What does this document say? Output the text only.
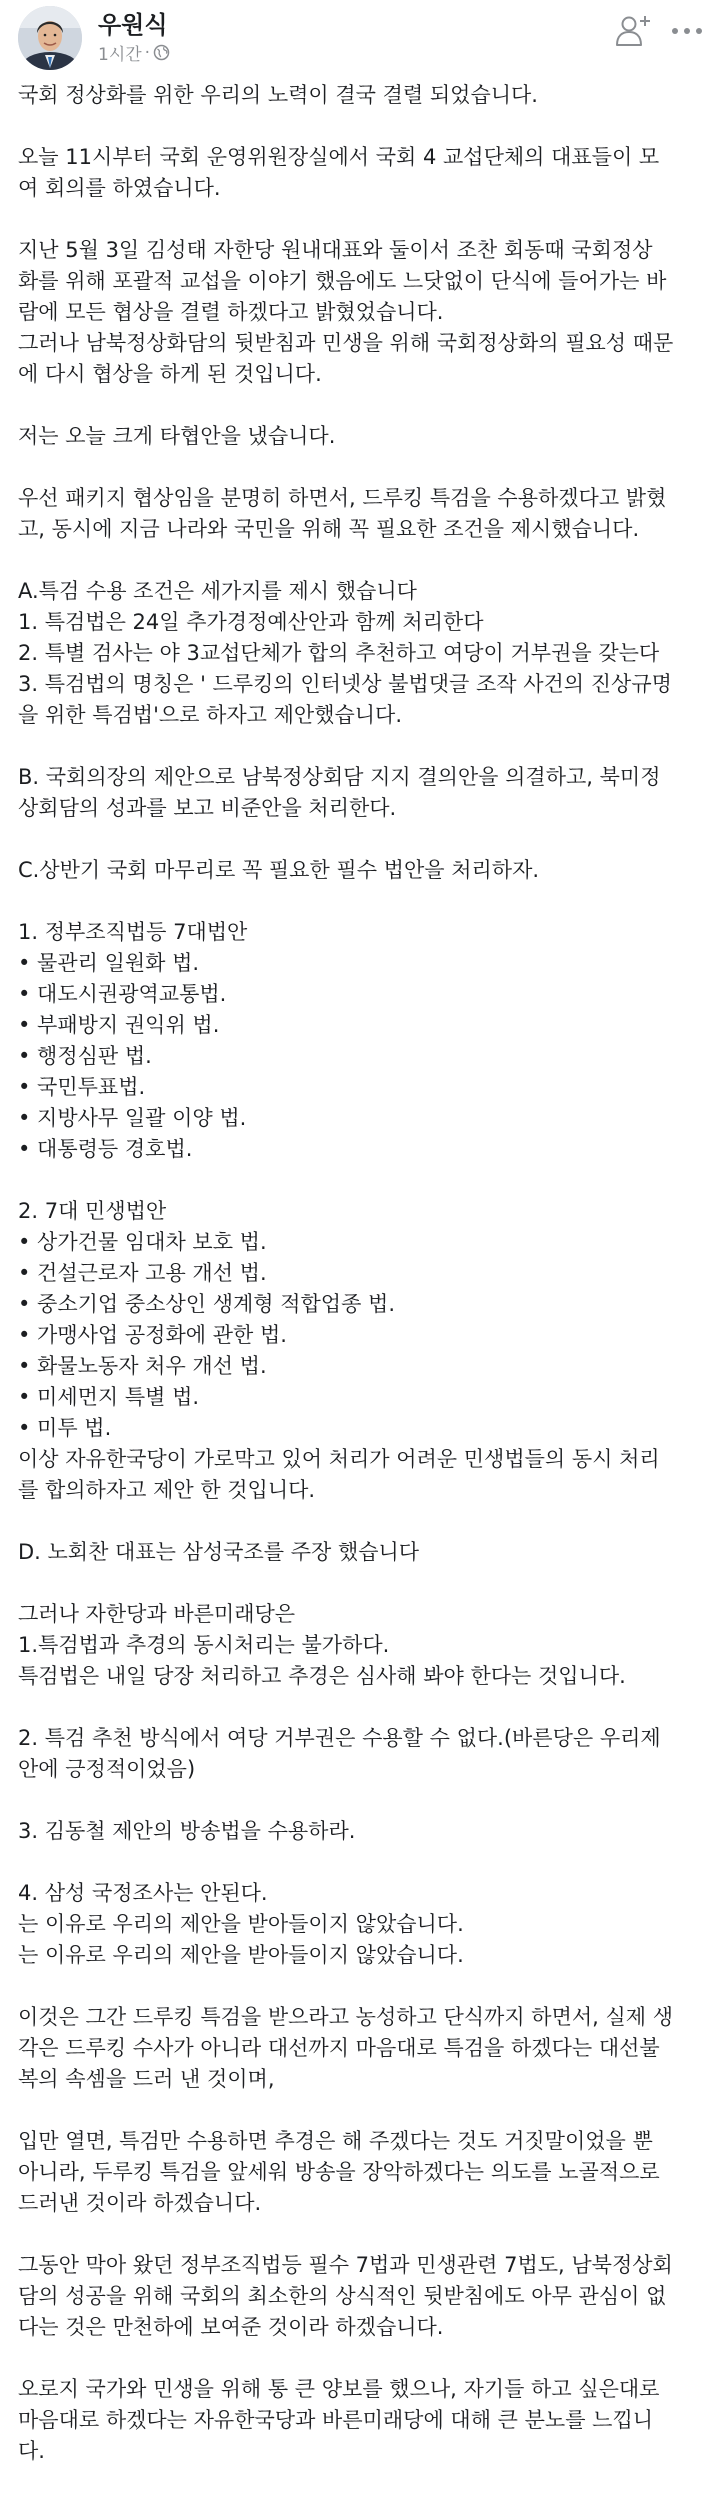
우원식
1시간 ·

국회 정상화를 위한 우리의 노력이 결국 결렬 되었습니다.

오늘 11시부터 국회 운영위원장실에서 국회 4 교섭단체의 대표들이 모
여 회의를 하였습니다.

지난 5월 3일 김성태 자한당 원내대표와 둘이서 조찬 회동때 국회정상
화를 위해 포괄적 교섭을 이야기 했음에도 느닷없이 단식에 들어가는 바
람에 모든 협상을 결렬 하겠다고 밝혔었습니다.
그러나 남북정상화담의 뒷받침과 민생을 위해 국회정상화의 필요성 때문
에 다시 협상을 하게 된 것입니다.

저는 오늘 크게 타협안을 냈습니다.

우선 패키지 협상임을 분명히 하면서, 드루킹 특검을 수용하겠다고 밝혔
고, 동시에 지금 나라와 국민을 위해 꼭 필요한 조건을 제시했습니다.

A.특검 수용 조건은 세가지를 제시 했습니다
1. 특검법은 24일 추가경정예산안과 함께 처리한다
2. 특별 검사는 야 3교섭단체가 합의 추천하고 여당이 거부권을 갖는다
3. 특검법의 명칭은 ' 드루킹의 인터넷상 불법댓글 조작 사건의 진상규명
을 위한 특검법'으로 하자고 제안했습니다.

B. 국회의장의 제안으로 남북정상회담 지지 결의안을 의결하고, 북미정
상회담의 성과를 보고 비준안을 처리한다.

C.상반기 국회 마무리로 꼭 필요한 필수 법안을 처리하자.

1. 정부조직법등 7대법안
• 물관리 일원화 법.
• 대도시권광역교통법.
• 부패방지 권익위 법.
• 행정심판 법.
• 국민투표법.
• 지방사무 일괄 이양 법.
• 대통령등 경호법.

2. 7대 민생법안
• 상가건물 임대차 보호 법.
• 건설근로자 고용 개선 법.
• 중소기업 중소상인 생계형 적합업종 법.
• 가맹사업 공정화에 관한 법.
• 화물노동자 처우 개선 법.
• 미세먼지 특별 법.
• 미투 법.
이상 자유한국당이 가로막고 있어 처리가 어려운 민생법들의 동시 처리
를 합의하자고 제안 한 것입니다.

D. 노회찬 대표는 삼성국조를 주장 했습니다

그러나 자한당과 바른미래당은
1.특검법과 추경의 동시처리는 불가하다.
특검법은 내일 당장 처리하고 추경은 심사해 봐야 한다는 것입니다.

2. 특검 추천 방식에서 여당 거부권은 수용할 수 없다.(바른당은 우리제
안에 긍정적이었음)

3. 김동철 제안의 방송법을 수용하라.

4. 삼성 국정조사는 안된다.
는 이유로 우리의 제안을 받아들이지 않았습니다.
는 이유로 우리의 제안을 받아들이지 않았습니다.

이것은 그간 드루킹 특검을 받으라고 농성하고 단식까지 하면서, 실제 생
각은 드루킹 수사가 아니라 대선까지 마음대로 특검을 하겠다는 대선불
복의 속셈을 드러 낸 것이며,

입만 열면, 특검만 수용하면 추경은 해 주겠다는 것도 거짓말이었을 뿐
아니라, 두루킹 특검을 앞세워 방송을 장악하겠다는 의도를 노골적으로
드러낸 것이라 하겠습니다.

그동안 막아 왔던 정부조직법등 필수 7법과 민생관련 7법도, 남북정상회
담의 성공을 위해 국회의 최소한의 상식적인 뒷받침에도 아무 관심이 없
다는 것은 만천하에 보여준 것이라 하겠습니다.

오로지 국가와 민생을 위해 통 큰 양보를 했으나, 자기들 하고 싶은대로
마음대로 하겠다는 자유한국당과 바른미래당에 대해 큰 분노를 느낍니
다.
